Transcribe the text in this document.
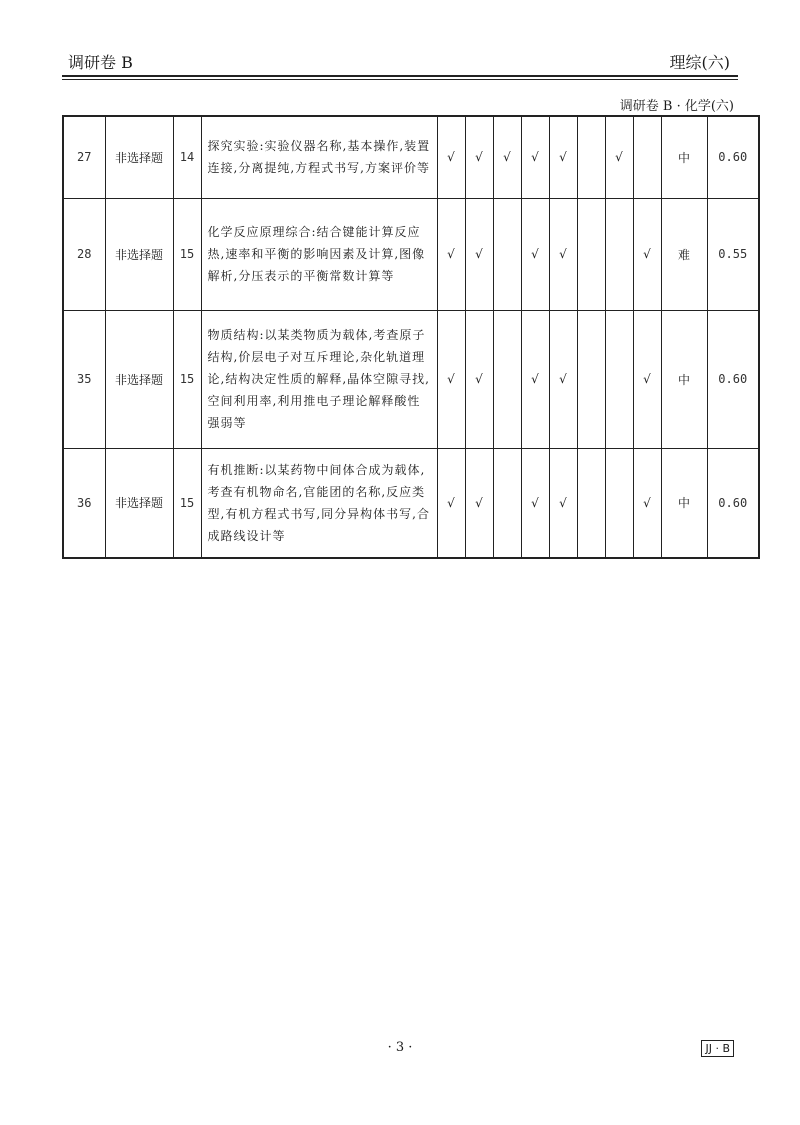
调研卷 B	理综(六)
调研卷 B · 化学(六)
27	非选择题	14	探究实验:实验仪器名称,基本操作,装置连接,分离提纯,方程式书写,方案评价等	√	√	√	√	√		√		中	0.60
28	非选择题	15	化学反应原理综合:结合键能计算反应热,速率和平衡的影响因素及计算,图像解析,分压表示的平衡常数计算等	√	√		√	√			√	难	0.55
35	非选择题	15	物质结构:以某类物质为载体,考查原子结构,价层电子对互斥理论,杂化轨道理论,结构决定性质的解释,晶体空隙寻找,空间利用率,利用推电子理论解释酸性强弱等	√	√		√	√			√	中	0.60
36	非选择题	15	有机推断:以某药物中间体合成为载体,考查有机物命名,官能团的名称,反应类型,有机方程式书写,同分异构体书写,合成路线设计等	√	√		√	√			√	中	0.60
· 3 ·	JJ · B
